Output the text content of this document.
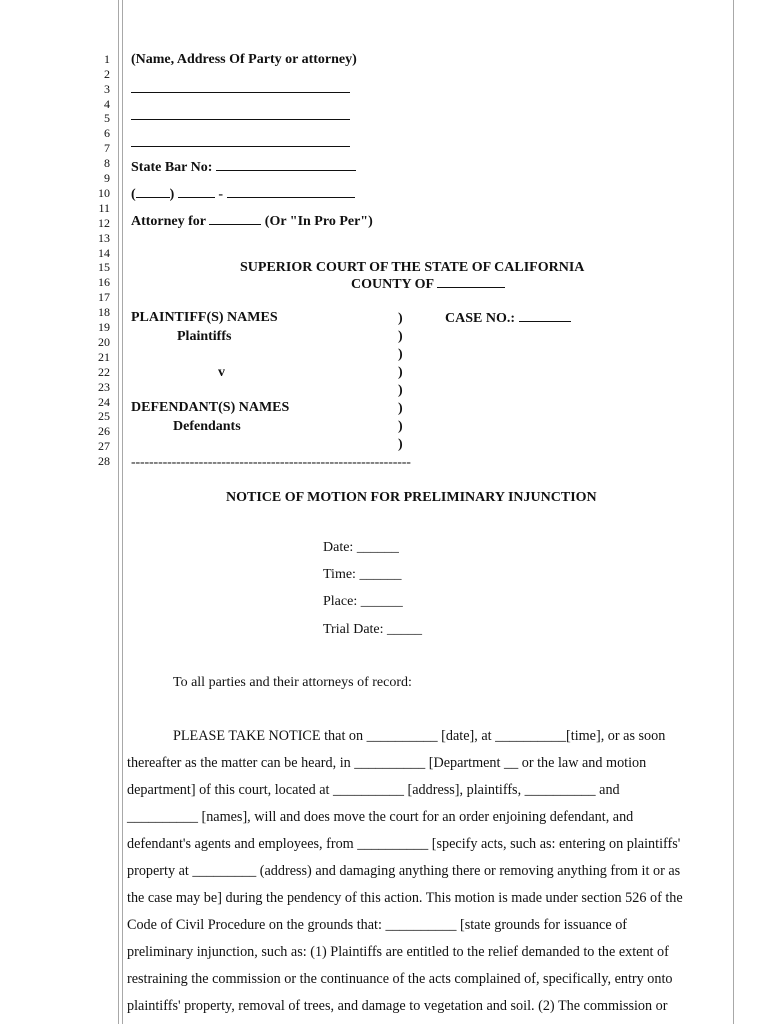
1
2
3
4
5
6
7
8
9
10
11
12
13
14
15
16
17
18
19
20
21
22
23
24
25
26
27
28
(Name, Address Of Party or attorney)
State Bar No:
( )	-
Attorney for	(Or "In Pro Per")
SUPERIOR COURT OF THE STATE OF CALIFORNIA
COUNTY OF
PLAINTIFF(S) NAMES
Plaintiffs
v
DEFENDANT(S) NAMES
Defendants
)
)
)
)
)
)
)
)
CASE NO.:
--------------------------------------------------------------
NOTICE OF MOTION FOR PRELIMINARY INJUNCTION
Date: ______
Time: ______
Place: ______
Trial Date: _____
To all parties and their attorneys of record:
PLEASE TAKE NOTICE that on __________ [date], at __________[time], or as soon
thereafter as the matter can be heard, in __________ [Department __ or the law and motion
department] of this court, located at __________ [address], plaintiffs, __________ and
__________ [names], will and does move the court for an order enjoining defendant, and
defendant's agents and employees, from __________ [specify acts, such as: entering on plaintiffs'
property at _________ (address) and damaging anything there or removing anything from it or as
the case may be] during the pendency of this action. This motion is made under section 526 of the
Code of Civil Procedure on the grounds that: __________ [state grounds for issuance of
preliminary injunction, such as: (1) Plaintiffs are entitled to the relief demanded to the extent of
restraining the commission or the continuance of the acts complained of, specifically, entry onto
plaintiffs' property, removal of trees, and damage to vegetation and soil. (2) The commission or
